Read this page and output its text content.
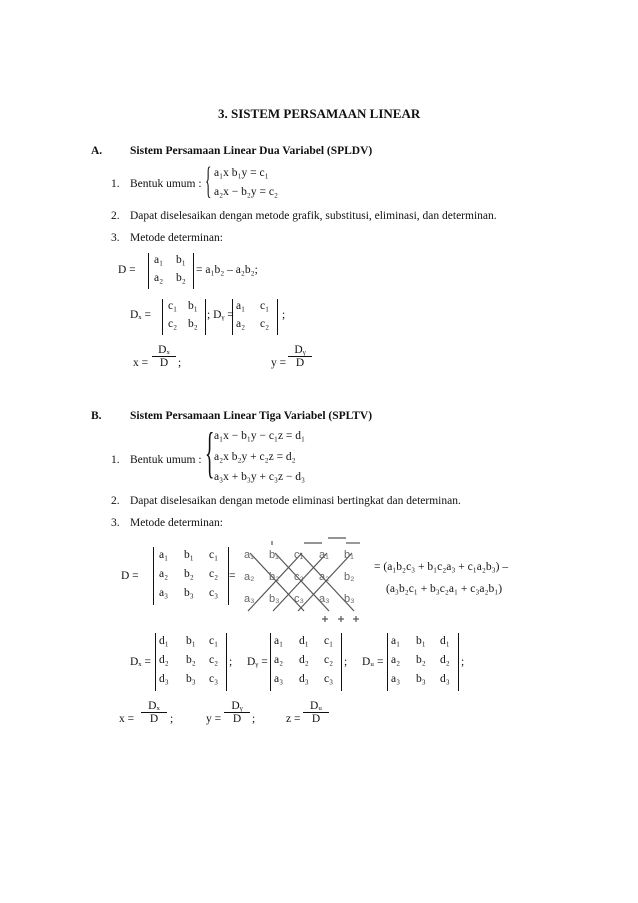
3. SISTEM PERSAMAAN LINEAR
A. Sistem Persamaan Linear Dua Variabel (SPLDV)
1. Bentuk umum : { a₁x b₁y = c₁
a₂x − b₂y = c₂
2. Dapat diselesaikan dengan metode grafik, substitusi, eliminasi, dan determinan.
3. Metode determinan:
D =
a₁ b₁
a₂ b₂
= a₁b₂ – a₂b₂;
Dₓ =
c₁ b₁
c₂ b₂
; Dᵧ =
a₁ c₁
a₂ c₂
;
$x = \frac{\text{Dₓ}}{D}$ ;	$y = \frac{\text{Dᵧ}}{D}$
B. Sistem Persamaan Linear Tiga Variabel (SPLTV)
1. Bentuk umum : { a₁x − b₁y − c₁z = d₁
a₂x b₂y + c₂z = d₂
a₃x + b₃y + c₃z − d₃
2. Dapat diselesaikan dengan metode eliminasi bertingkat dan determinan.
3. Metode determinan:
D =
a₁ b₁ c₁
a₂ b₂ c₂
a₃ b₃ c₃
=
a₁ b₁ c₁ a₁ b₁
a₂ b₂ c₂ a₂ b₂
a₃ b₃ c₃ a₃ b₃
= (a₁b₂c₃ + b₁c₂a₃ + c₁a₂b₃) –
(a₃b₂c₁ + b₃c₂a₁ + c₃a₂b₁)
Dₓ =
d₁ b₁ c₁
d₂ b₂ c₂
d₃ b₃ c₃
; Dᵧ =
a₁ d₁ c₁
a₂ d₂ c₂
a₃ d₃ c₃
; Dᵤ =
a₁ b₁ d₁
a₂ b₂ d₂
a₃ b₃ d₃
;
$x = \frac{\text{Dₓ}}{D}$ ;	$y = \frac{\text{Dᵧ}}{D}$ ;	$z = \frac{\text{Dᵤ}}{D}$
